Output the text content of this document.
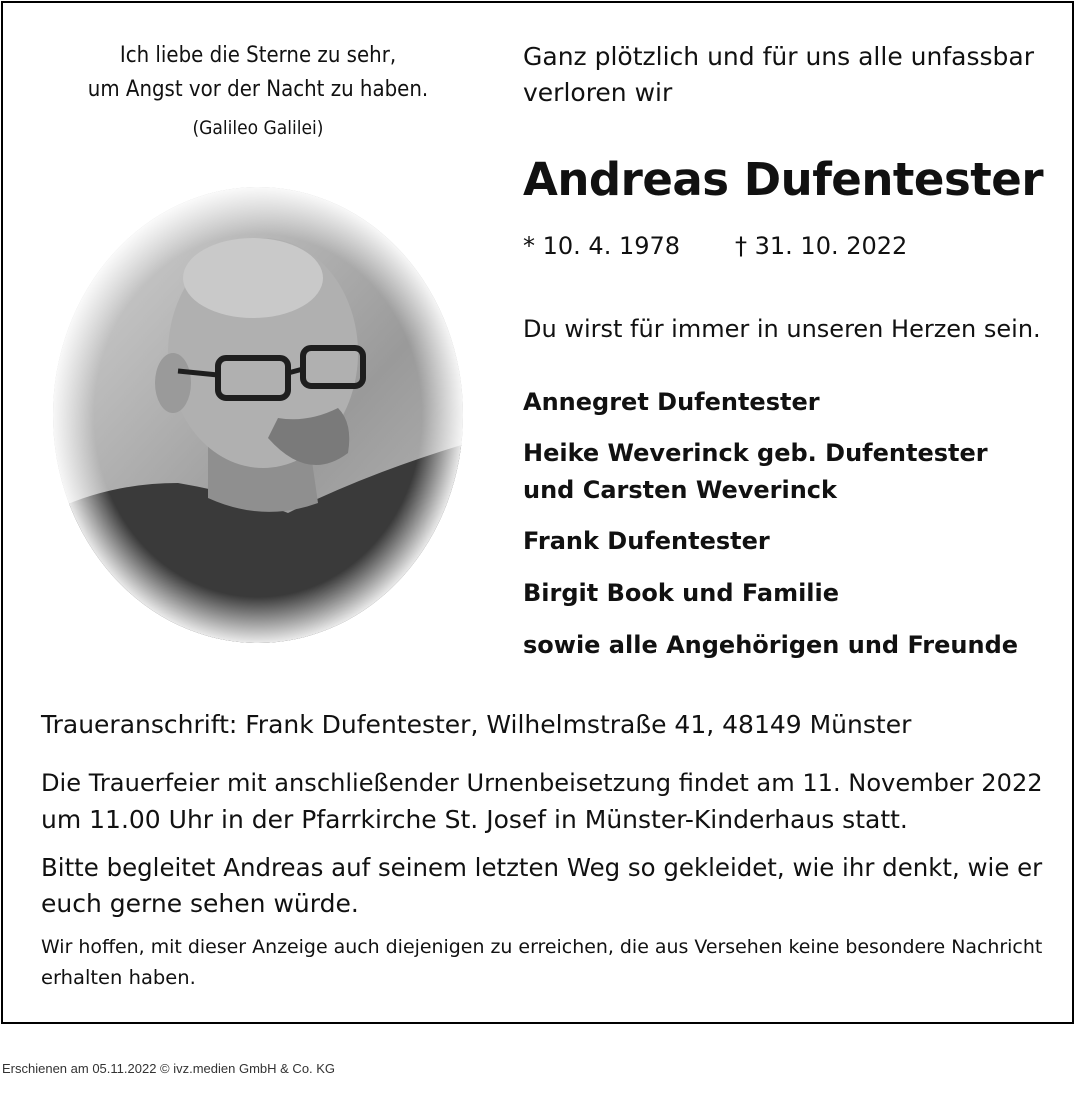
Ich liebe die Sterne zu sehr,
um Angst vor der Nacht zu haben.
(Galileo Galilei)
Ganz plötzlich und für uns alle unfassbar
verloren wir
Andreas Dufentester
* 10. 4. 1978 † 31. 10. 2022
Du wirst für immer in unseren Herzen sein.
Annegret Dufentester
Heike Weverinck geb. Dufentester
und Carsten Weverinck
Frank Dufentester
Birgit Book und Familie
sowie alle Angehörigen und Freunde
Traueranschrift: Frank Dufentester, Wilhelmstraße 41, 48149 Münster
Die Trauerfeier mit anschließender Urnenbeisetzung findet am 11. November 2022
um 11.00 Uhr in der Pfarrkirche St. Josef in Münster-Kinderhaus statt.
Bitte begleitet Andreas auf seinem letzten Weg so gekleidet, wie ihr denkt, wie er
euch gerne sehen würde.
Wir hoffen, mit dieser Anzeige auch diejenigen zu erreichen, die aus Versehen keine besondere Nachricht
erhalten haben.
Erschienen am 05.11.2022 © ivz.medien GmbH & Co. KG
